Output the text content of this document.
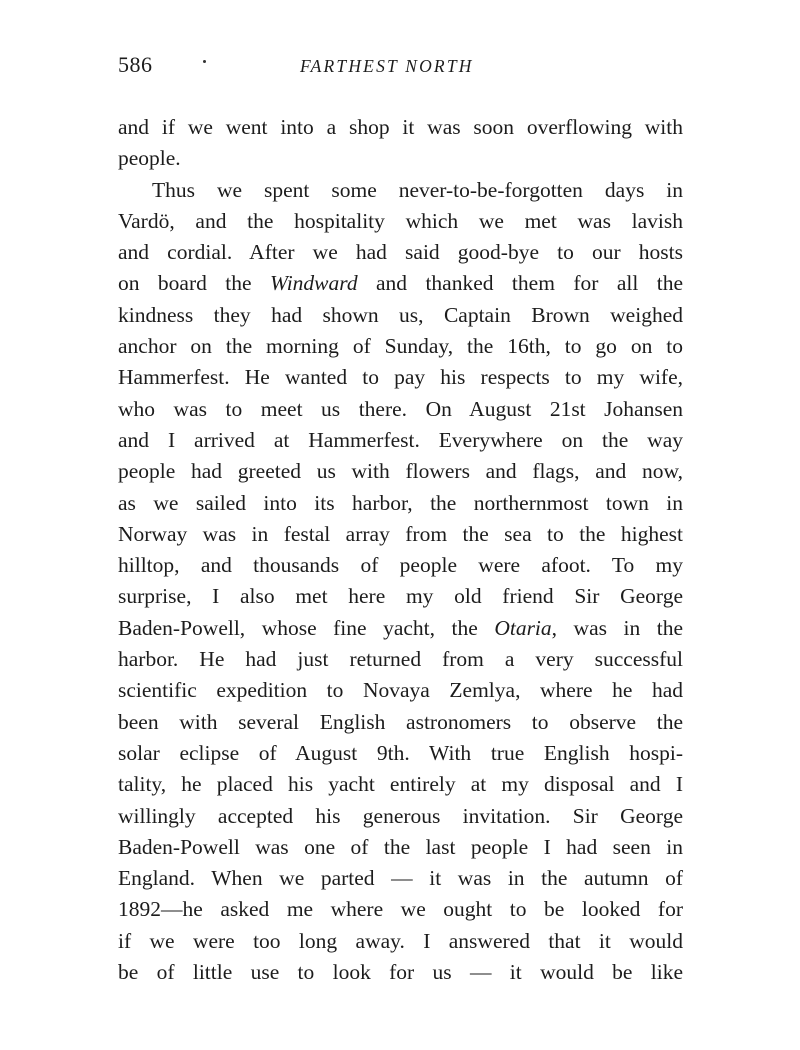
586	FARTHEST NORTH
and if we went into a shop it was soon overflowing with
people.
Thus we spent some never-to-be-forgotten days in
Vardö, and the hospitality which we met was lavish
and cordial. After we had said good-bye to our hosts
on board the Windward and thanked them for all the
kindness they had shown us, Captain Brown weighed
anchor on the morning of Sunday, the 16th, to go on to
Hammerfest. He wanted to pay his respects to my wife,
who was to meet us there. On August 21st Johansen
and I arrived at Hammerfest. Everywhere on the way
people had greeted us with flowers and flags, and now,
as we sailed into its harbor, the northernmost town in
Norway was in festal array from the sea to the highest
hilltop, and thousands of people were afoot. To my
surprise, I also met here my old friend Sir George
Baden-Powell, whose fine yacht, the Otaria, was in the
harbor. He had just returned from a very successful
scientific expedition to Novaya Zemlya, where he had
been with several English astronomers to observe the
solar eclipse of August 9th. With true English hospi-
tality, he placed his yacht entirely at my disposal and I
willingly accepted his generous invitation. Sir George
Baden-Powell was one of the last people I had seen in
England. When we parted — it was in the autumn of
1892—he asked me where we ought to be looked for
if we were too long away. I answered that it would
be of little use to look for us — it would be like
